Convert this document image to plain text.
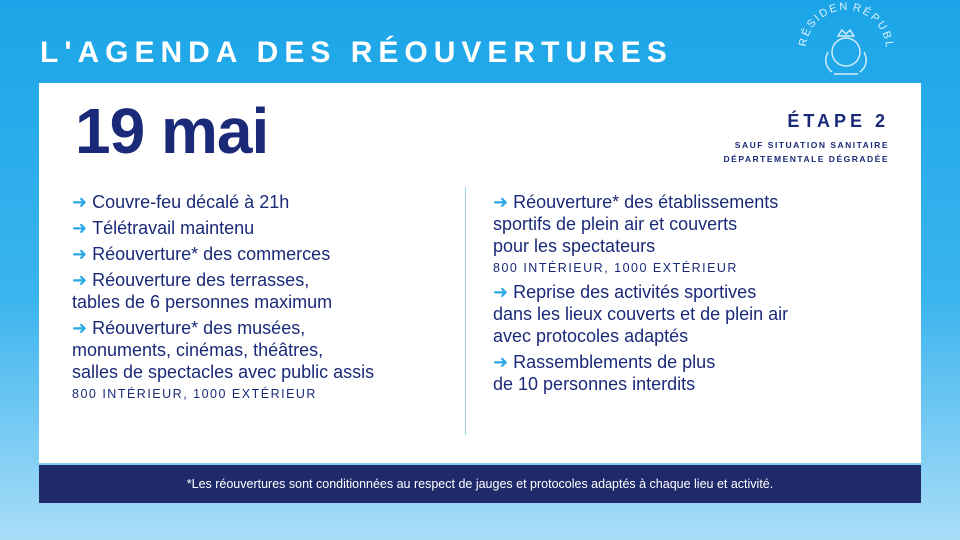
L'AGENDA DES RÉOUVERTURES	RÉSIDEN RÉPUBL
19 mai	ÉTAPE 2
SAUF SITUATION SANITAIRE
DÉPARTEMENTALE DÉGRADÉE
➜ Couvre-feu décalé à 21h
➜ Télétravail maintenu
➜ Réouverture* des commerces
➜ Réouverture des terrasses,
tables de 6 personnes maximum
➜ Réouverture* des musées,
monuments, cinémas, théâtres,
salles de spectacles avec public assis
800 INTÉRIEUR, 1000 EXTÉRIEUR
➜ Réouverture* des établissements
sportifs de plein air et couverts
pour les spectateurs
800 INTÉRIEUR, 1000 EXTÉRIEUR
➜ Reprise des activités sportives
dans les lieux couverts et de plein air
avec protocoles adaptés
➜ Rassemblements de plus
de 10 personnes interdits
*Les réouvertures sont conditionnées au respect de jauges et protocoles adaptés à chaque lieu et activité.
